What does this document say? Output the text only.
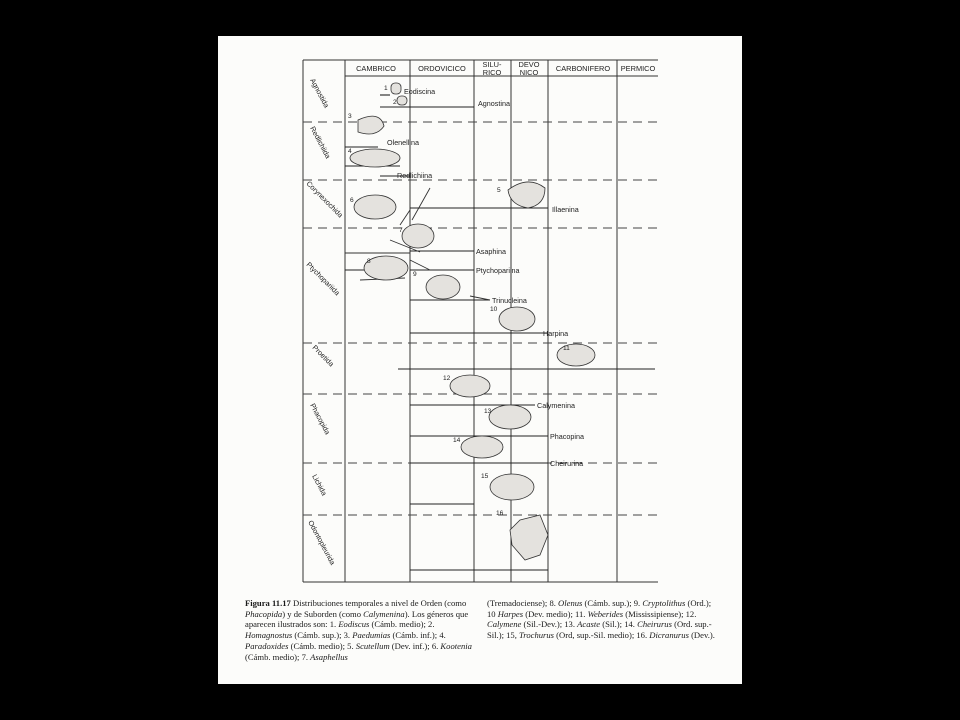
CAMBRICO	ORDOVICICO SILU-
RICO
DEVO
NICO CARBONIFERO PERMICO
Agnostida
Redlichiida
Corynexochida
Ptychopariida
Proetida
Phacopida
Lichida
Odontopleurida
Eodiscina
Agnostina
Olenellina
Redlichiina
Illaenina
Asaphina
Ptychopariina
Trinucleina
Harpina
Calymenina
Phacopina
Cheirurina
1
2
3
4
5
6
7
8
9
10
11
12
13
14
15
16
Figura 11.17 Distribuciones temporales a nivel de Orden (como Phacopida) y de Suborden (como Calymenina). Los géneros que aparecen ilustrados son: 1. Eodiscus (Cámb. medio); 2. Homagnostus (Cámb. sup.); 3. Paedumias (Cámb. inf.); 4. Paradoxides (Cámb. medio); 5. Scutellum (Dev. inf.); 6. Kootenia (Cámb. medio); 7. Asaphellus
(Tremadociense); 8. Olenus (Cámb. sup.); 9. Cryptolithus (Ord.); 10 Harpes (Dev. medio); 11. Weberides (Mississipiense); 12. Calymene (Sil.-Dev.); 13. Acaste (Sil.); 14. Cheirurus (Ord. sup.-Sil.); 15, Trochurus (Ord, sup.-Sil. medio); 16. Dicranurus (Dev.).
